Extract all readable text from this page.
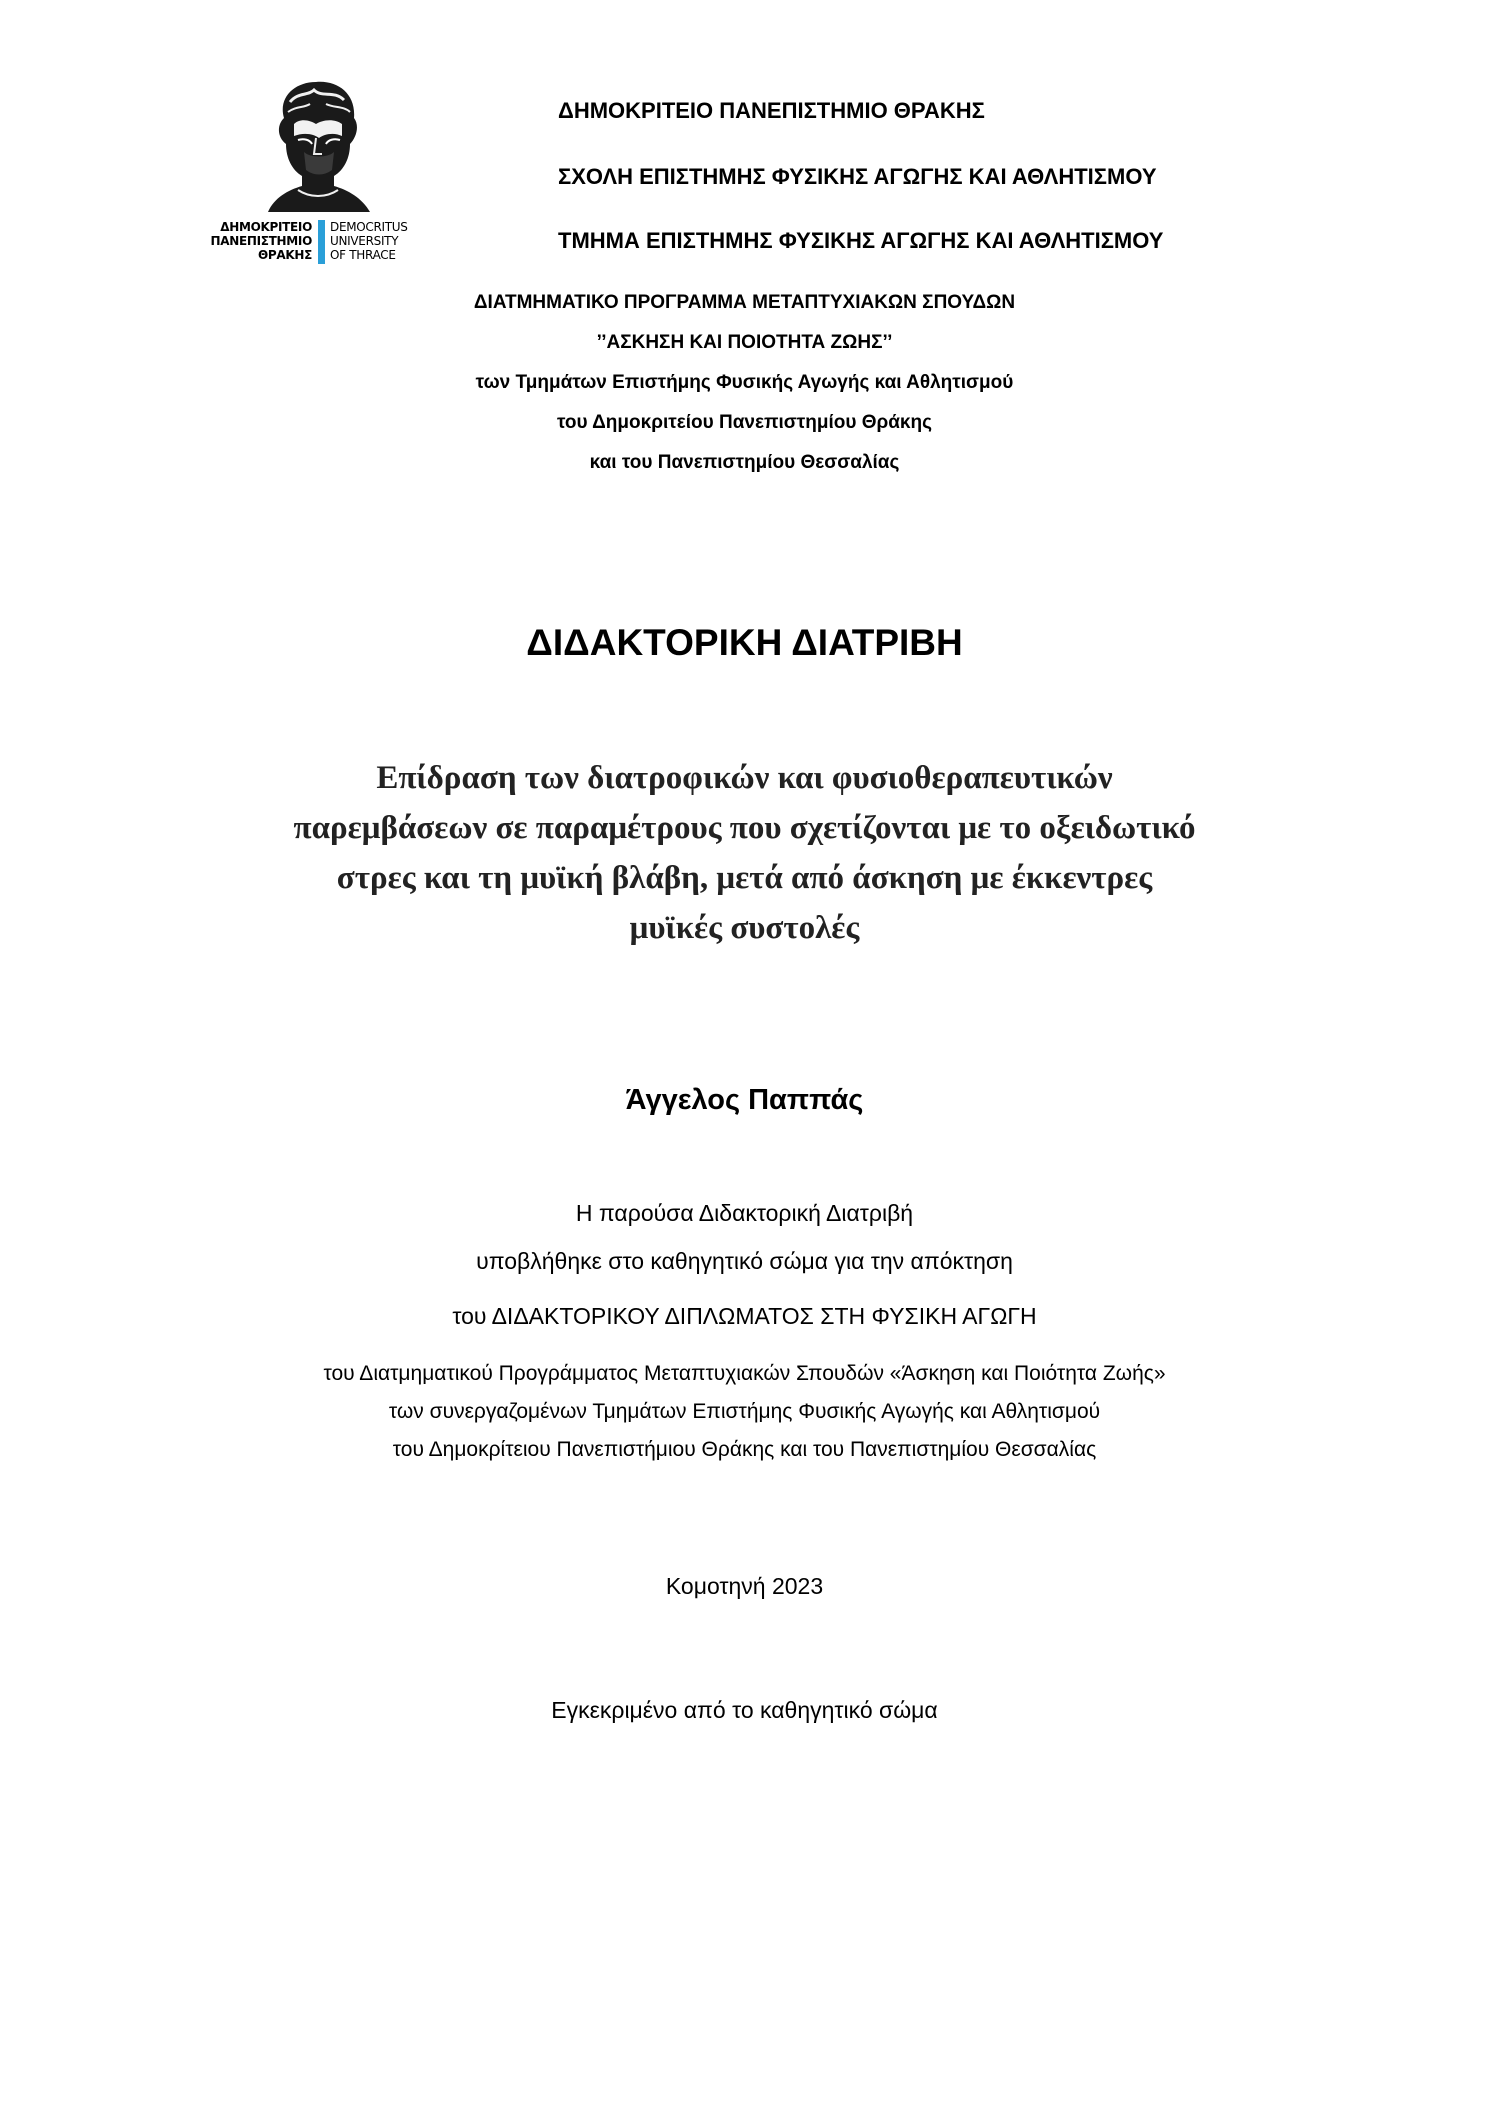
ΔΗΜΟΚΡΙΤΕΙΟ
ΠΑΝΕΠΙΣΤΗΜΙΟ
ΘΡΑΚΗΣ
DEMOCRITUS
UNIVERSITY
OF THRACE
ΔΗΜΟΚΡΙΤΕΙΟ ΠΑΝΕΠΙΣΤΗΜΙΟ ΘΡΑΚΗΣ
ΣΧΟΛΗ ΕΠΙΣΤΗΜΗΣ ΦΥΣΙΚΗΣ ΑΓΩΓΗΣ ΚΑΙ ΑΘΛΗΤΙΣΜΟΥ
ΤΜΗΜΑ ΕΠΙΣΤΗΜΗΣ ΦΥΣΙΚΗΣ ΑΓΩΓΗΣ ΚΑΙ ΑΘΛΗΤΙΣΜΟΥ
ΔΙΑΤΜΗΜΑΤΙΚΟ ΠΡΟΓΡΑΜΜΑ ΜΕΤΑΠΤΥΧΙΑΚΩΝ ΣΠΟΥΔΩΝ
’’ΑΣΚΗΣΗ ΚΑΙ ΠΟΙΟΤΗΤΑ ΖΩΗΣ’’
των Τμημάτων Επιστήμης Φυσικής Αγωγής και Αθλητισμού
του Δημοκριτείου Πανεπιστημίου Θράκης
και του Πανεπιστημίου Θεσσαλίας
ΔΙΔΑΚΤΟΡΙΚΗ ΔΙΑΤΡΙΒΗ
Επίδραση των διατροφικών και φυσιοθεραπευτικών
παρεμβάσεων σε παραμέτρους που σχετίζονται με το οξειδωτικό
στρες και τη μυϊκή βλάβη, μετά από άσκηση με έκκεντρες
μυϊκές συστολές
Άγγελος Παππάς
Η παρούσα Διδακτορική Διατριβή
υποβλήθηκε στο καθηγητικό σώμα για την απόκτηση
του ΔΙΔΑΚΤΟΡΙΚΟΥ ΔΙΠΛΩΜΑΤΟΣ ΣΤΗ ΦΥΣΙΚΗ ΑΓΩΓΗ
του Διατμηματικού Προγράμματος Μεταπτυχιακών Σπουδών «Άσκηση και Ποιότητα Ζωής»
των συνεργαζομένων Τμημάτων Επιστήμης Φυσικής Αγωγής και Αθλητισμού
του Δημοκρίτειου Πανεπιστήμιου Θράκης και του Πανεπιστημίου Θεσσαλίας
Κομοτηνή 2023
Εγκεκριμένο από το καθηγητικό σώμα
